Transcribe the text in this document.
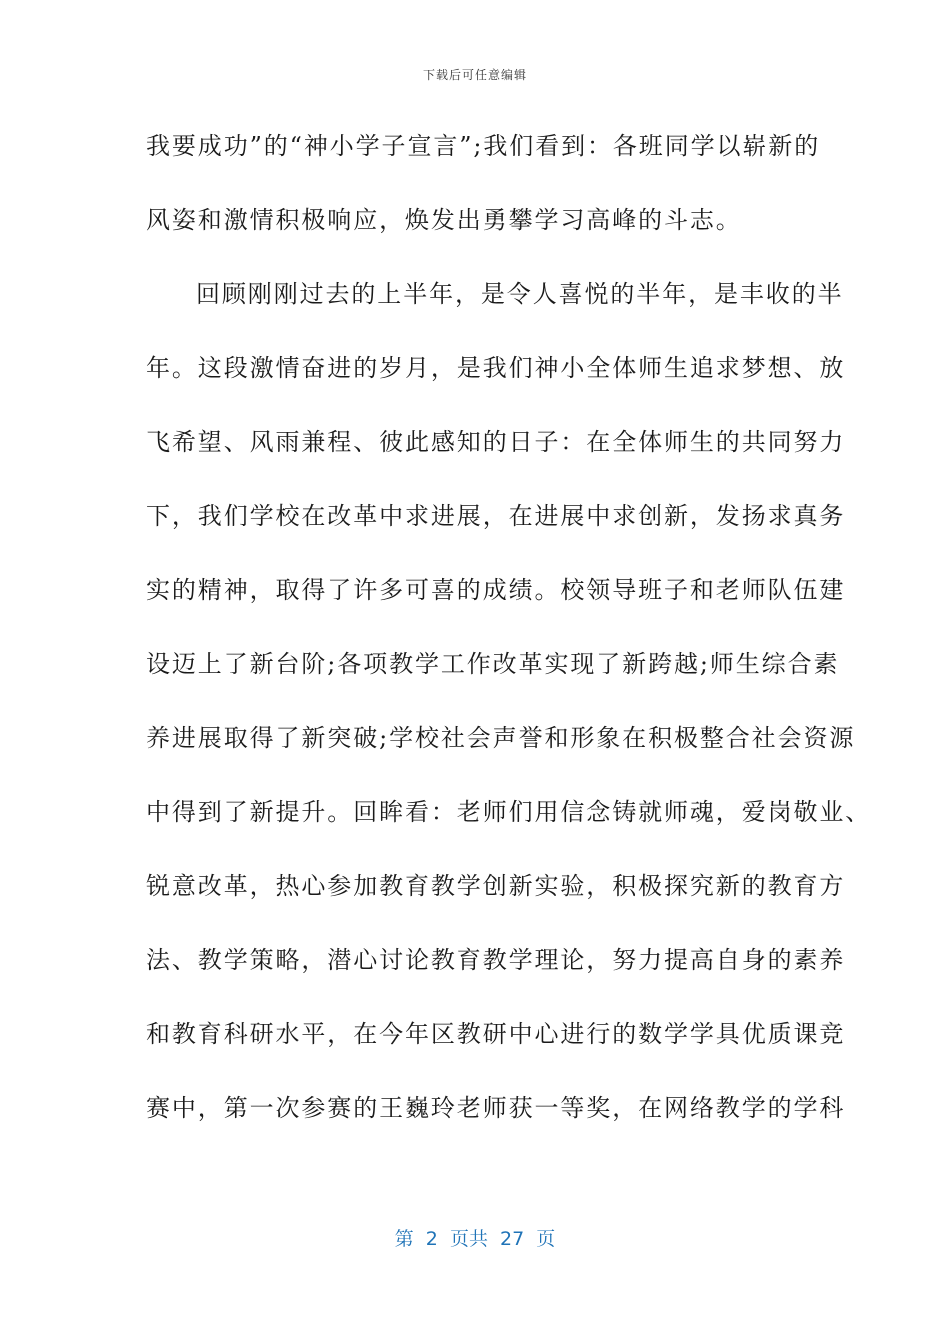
下载后可任意编辑
我要成功”的“神小学子宣言”;我们看到：各班同学以崭新的
风姿和激情积极响应，焕发出勇攀学习高峰的斗志。
回顾刚刚过去的上半年，是令人喜悦的半年，是丰收的半
年。这段激情奋进的岁月，是我们神小全体师生追求梦想、放
飞希望、风雨兼程、彼此感知的日子：在全体师生的共同努力
下，我们学校在改革中求进展，在进展中求创新，发扬求真务
实的精神，取得了许多可喜的成绩。校领导班子和老师队伍建
设迈上了新台阶;各项教学工作改革实现了新跨越;师生综合素
养进展取得了新突破;学校社会声誉和形象在积极整合社会资源
中得到了新提升。回眸看：老师们用信念铸就师魂，爱岗敬业、
锐意改革，热心参加教育教学创新实验，积极探究新的教育方
法、教学策略，潜心讨论教育教学理论，努力提高自身的素养
和教育科研水平，在今年区教研中心进行的数学学具优质课竞
赛中，第一次参赛的王巍玲老师获一等奖，在网络教学的学科
第  2  页共  27  页
